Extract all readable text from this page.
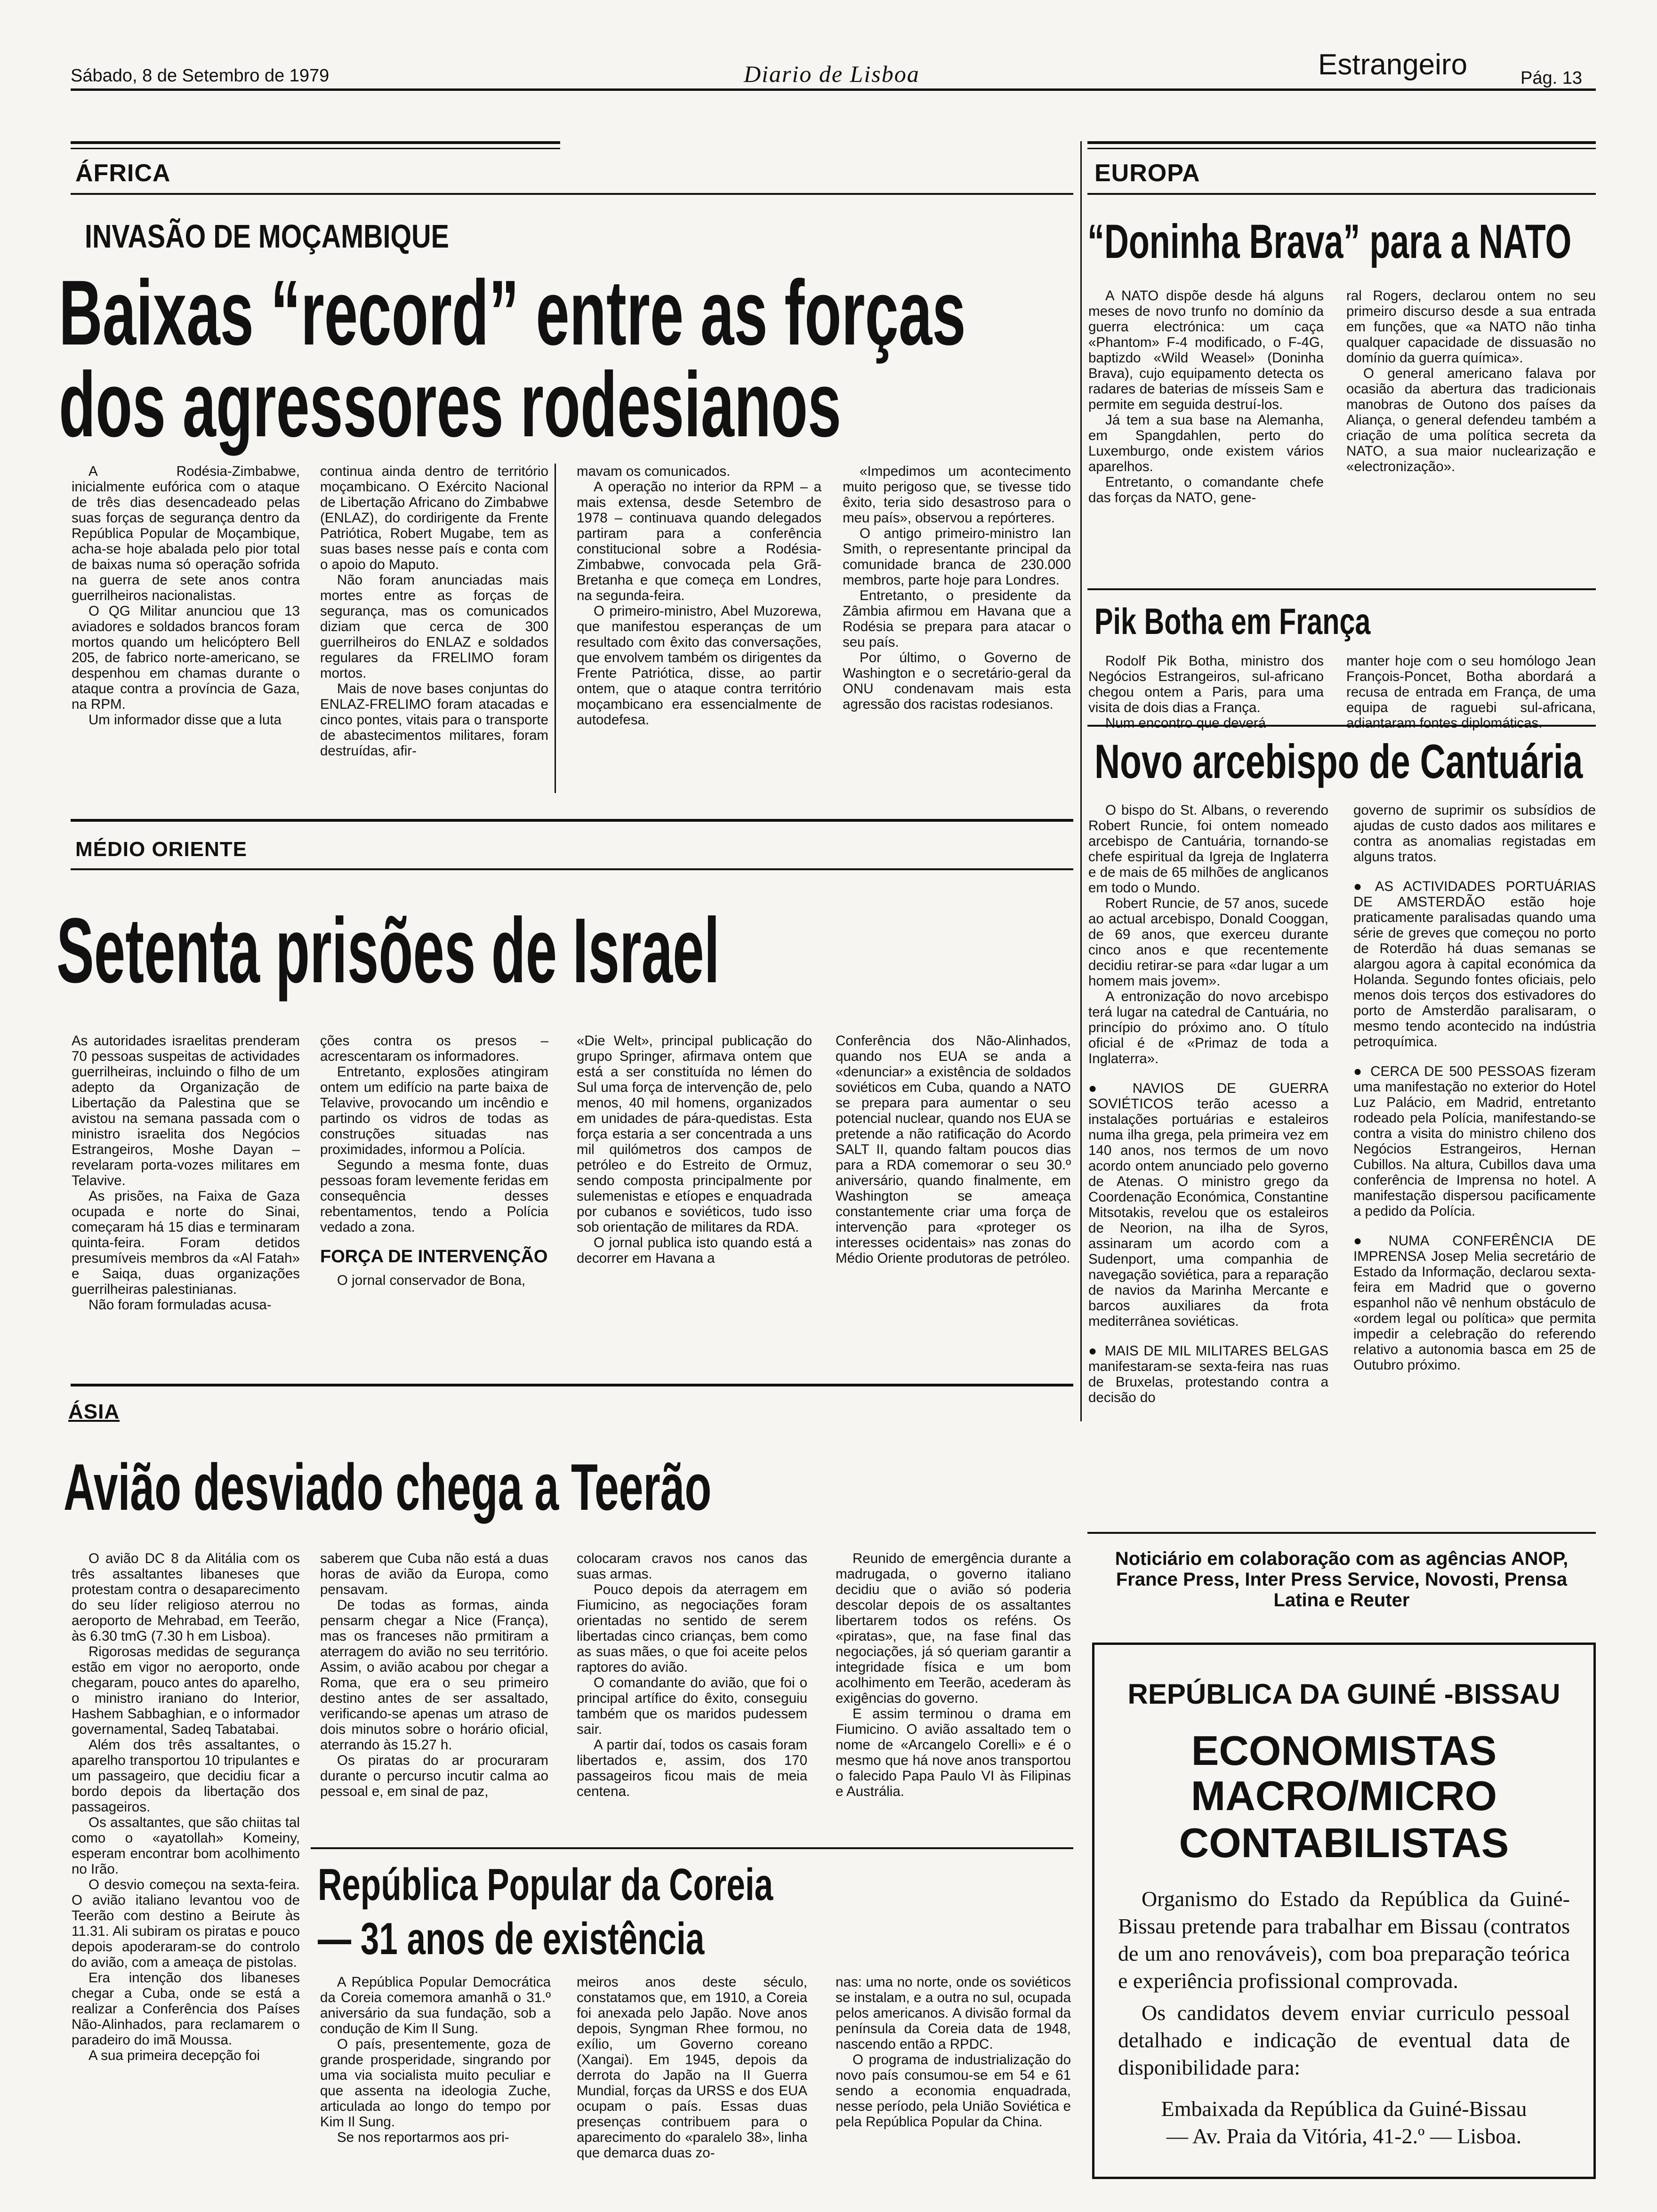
Sábado, 8 de Setembro de 1979	Diario de Lisboa	Estrangeiro	Pág. 13
ÁFRICA
INVASÃO DE MOÇAMBIQUE
Baixas “record” entre as forças
dos agressores rodesianos

A Rodésia-Zimbabwe, inicialmente eufórica com o ataque de três dias desencadeado pelas suas forças de segurança dentro da República Popular de Moçambique, acha-se hoje abalada pelo pior total de baixas numa só operação sofrida na guerra de sete anos contra guerrilheiros nacionalistas.

O QG Militar anunciou que 13 aviadores e soldados brancos foram mortos quando um helicóptero Bell 205, de fabrico norte-americano, se despenhou em chamas durante o ataque contra a província de Gaza, na RPM.

Um informador disse que a luta

continua ainda dentro de território moçambicano. O Exército Nacional de Libertação Africano do Zimbabwe (ENLAZ), do cordirigente da Frente Patriótica, Robert Mugabe, tem as suas bases nesse país e conta com o apoio do Maputo.

Não foram anunciadas mais mortes entre as forças de segurança, mas os comunicados diziam que cerca de 300 guerrilheiros do ENLAZ e soldados regulares da FRELIMO foram mortos.

Mais de nove bases conjuntas do ENLAZ-FRELIMO foram atacadas e cinco pontes, vitais para o transporte de abastecimentos militares, foram destruídas, afir-

mavam os comunicados.

A operação no interior da RPM – a mais extensa, desde Setembro de 1978 – continuava quando delegados partiram para a conferência constitucional sobre a Rodésia-Zimbabwe, convocada pela Grã-Bretanha e que começa em Londres, na segunda-feira.

O primeiro-ministro, Abel Muzorewa, que manifestou esperanças de um resultado com êxito das conversações, que envolvem também os dirigentes da Frente Patriótica, disse, ao partir ontem, que o ataque contra território moçambicano era essencialmente de autodefesa.

«Impedimos um acontecimento muito perigoso que, se tivesse tido êxito, teria sido desastroso para o meu país», observou a repórteres.

O antigo primeiro-ministro Ian Smith, o representante principal da comunidade branca de 230.000 membros, parte hoje para Londres.

Entretanto, o presidente da Zâmbia afirmou em Havana que a Rodésia se prepara para atacar o seu país.

Por último, o Governo de Washington e o secretário-geral da ONU condenavam mais esta agressão dos racistas rodesianos.

EUROPA
“Doninha Brava” para a NATO

A NATO dispõe desde há alguns meses de novo trunfo no domínio da guerra electrónica: um caça «Phantom» F-4 modificado, o F-4G, baptizdo «Wild Weasel» (Doninha Brava), cujo equipamento detecta os radares de baterias de mísseis Sam e permite em seguida destruí-los.

Já tem a sua base na Alemanha, em Spangdahlen, perto do Luxemburgo, onde existem vários aparelhos.

Entretanto, o comandante chefe das forças da NATO, gene-

ral Rogers, declarou ontem no seu primeiro discurso desde a sua entrada em funções, que «a NATO não tinha qualquer capacidade de dissuasão no domínio da guerra química».

O general americano falava por ocasião da abertura das tradicionais manobras de Outono dos países da Aliança, o general defendeu também a criação de uma política secreta da NATO, a sua maior nuclearização e «electronização».

Pik Botha em França

Rodolf Pik Botha, ministro dos Negócios Estrangeiros, sul-africano chegou ontem a Paris, para uma visita de dois dias a França.

Num encontro que deverá

manter hoje com o seu homólogo Jean François-Poncet, Botha abordará a recusa de entrada em França, de uma equipa de raguebi sul-africana, adiantaram fontes diplomáticas.

Novo arcebispo de Cantuária

O bispo do St. Albans, o reverendo Robert Runcie, foi ontem nomeado arcebispo de Cantuária, tornando-se chefe espiritual da Igreja de Inglaterra e de mais de 65 milhões de anglicanos em todo o Mundo.

Robert Runcie, de 57 anos, sucede ao actual arcebispo, Donald Cooggan, de 69 anos, que exerceu durante cinco anos e que recentemente decidiu retirar-se para «dar lugar a um homem mais jovem».

A entronização do novo arcebispo terá lugar na catedral de Cantuária, no princípio do próximo ano. O título oficial é de «Primaz de toda a Inglaterra».

● NAVIOS DE GUERRA SOVIÉTICOS terão acesso a instalações portuárias e estaleiros numa ilha grega, pela primeira vez em 140 anos, nos termos de um novo acordo ontem anunciado pelo governo de Atenas. O ministro grego da Coordenação Económica, Constantine Mitsotakis, revelou que os estaleiros de Neorion, na ilha de Syros, assinaram um acordo com a Sudenport, uma companhia de navegação soviética, para a reparação de navios da Marinha Mercante e barcos auxiliares da frota mediterrânea soviéticas.

● MAIS DE MIL MILITARES BELGAS manifestaram-se sexta-feira nas ruas de Bruxelas, protestando contra a decisão do

governo de suprimir os subsídios de ajudas de custo dados aos militares e contra as anomalias registadas em alguns tratos.

● AS ACTIVIDADES PORTUÁRIAS DE AMSTERDÃO estão hoje praticamente paralisadas quando uma série de greves que começou no porto de Roterdão há duas semanas se alargou agora à capital económica da Holanda. Segundo fontes oficiais, pelo menos dois terços dos estivadores do porto de Amsterdão paralisaram, o mesmo tendo acontecido na indústria petroquímica.

● CERCA DE 500 PESSOAS fizeram uma manifestação no exterior do Hotel Luz Palácio, em Madrid, entretanto rodeado pela Polícia, manifestando-se contra a visita do ministro chileno dos Negócios Estrangeiros, Hernan Cubillos. Na altura, Cubillos dava uma conferência de Imprensa no hotel. A manifestação dispersou pacificamente a pedido da Polícia.

● NUMA CONFERÊNCIA DE IMPRENSA Josep Melia secretário de Estado da Informação, declarou sexta-feira em Madrid que o governo espanhol não vê nenhum obstáculo de «ordem legal ou política» que permita impedir a celebração do referendo relativo a autonomia basca em 25 de Outubro próximo.

Noticiário em colaboração com as agências ANOP, France Press, Inter Press Service, Novosti, Prensa Latina e Reuter
REPÚBLICA DA GUINÉ -BISSAU
ECONOMISTAS
MACRO/MICRO
CONTABILISTAS
Organismo do Estado da República da Guiné-Bissau pretende para trabalhar em Bissau (contratos de um ano renováveis), com boa preparação teórica e experiência profissional comprovada.
Os candidatos devem enviar curriculo pessoal detalhado e indicação de eventual data de disponibilidade para:
Embaixada da República da Guiné-Bissau
— Av. Praia da Vitória, 41-2.º — Lisboa.
MÉDIO ORIENTE
Setenta prisões de Israel

As autoridades israelitas prenderam 70 pessoas suspeitas de actividades guerrilheiras, incluindo o filho de um adepto da Organização de Libertação da Palestina que se avistou na semana passada com o ministro israelita dos Negócios Estrangeiros, Moshe Dayan – revelaram porta-vozes militares em Telavive.

As prisões, na Faixa de Gaza ocupada e norte do Sinai, começaram há 15 dias e terminaram quinta-feira. Foram detidos presumíveis membros da «Al Fatah» e Saiqa, duas organizações guerrilheiras palestinianas.

Não foram formuladas acusa-

ções contra os presos – acrescentaram os informadores.

Entretanto, explosões atingiram ontem um edifício na parte baixa de Telavive, provocando um incêndio e partindo os vidros de todas as construções situadas nas proximidades, informou a Polícia.

Segundo a mesma fonte, duas pessoas foram levemente feridas em consequência desses rebentamentos, tendo a Polícia vedado a zona.

FORÇA DE INTERVENÇÃO

O jornal conservador de Bona,

«Die Welt», principal publicação do grupo Springer, afirmava ontem que está a ser constituída no lémen do Sul uma força de intervenção de, pelo menos, 40 mil homens, organizados em unidades de pára-quedistas. Esta força estaria a ser concentrada a uns mil quilómetros dos campos de petróleo e do Estreito de Ormuz, sendo composta principalmente por sulemenistas e etíopes e enquadrada por cubanos e soviéticos, tudo isso sob orientação de militares da RDA.

O jornal publica isto quando está a decorrer em Havana a

Conferência dos Não-Alinhados, quando nos EUA se anda a «denunciar» a existência de soldados soviéticos em Cuba, quando a NATO se prepara para aumentar o seu potencial nuclear, quando nos EUA se pretende a não ratificação do Acordo SALT II, quando faltam poucos dias para a RDA comemorar o seu 30.º aniversário, quando finalmente, em Washington se ameaça constantemente criar uma força de intervenção para «proteger os interesses ocidentais» nas zonas do Médio Oriente produtoras de petróleo.

ÁSIA
Avião desviado chega a Teerão

O avião DC 8 da Alitália com os três assaltantes libaneses que protestam contra o desaparecimento do seu líder religioso aterrou no aeroporto de Mehrabad, em Teerão, às 6.30 tmG (7.30 h em Lisboa).

Rigorosas medidas de segurança estão em vigor no aeroporto, onde chegaram, pouco antes do aparelho, o ministro iraniano do Interior, Hashem Sabbaghian, e o informador governamental, Sadeq Tabatabai.

Além dos três assaltantes, o aparelho transportou 10 tripulantes e um passageiro, que decidiu ficar a bordo depois da libertação dos passageiros.

Os assaltantes, que são chiitas tal como o «ayatollah» Komeiny, esperam encontrar bom acolhimento no Irão.

O desvio começou na sexta-feira. O avião italiano levantou voo de Teerão com destino a Beirute às 11.31. Ali subiram os piratas e pouco depois apoderaram-se do controlo do avião, com a ameaça de pistolas.

Era intenção dos libaneses chegar a Cuba, onde se está a realizar a Conferência dos Países Não-Alinhados, para reclamarem o paradeiro do imã Moussa.

A sua primeira decepção foi

saberem que Cuba não está a duas horas de avião da Europa, como pensavam.

De todas as formas, ainda pensarm chegar a Nice (França), mas os franceses não prmitiram a aterragem do avião no seu território. Assim, o avião acabou por chegar a Roma, que era o seu primeiro destino antes de ser assaltado, verificando-se apenas um atraso de dois minutos sobre o horário oficial, aterrando às 15.27 h.

Os piratas do ar procuraram durante o percurso incutir calma ao pessoal e, em sinal de paz,

colocaram cravos nos canos das suas armas.

Pouco depois da aterragem em Fiumicino, as negociações foram orientadas no sentido de serem libertadas cinco crianças, bem como as suas mães, o que foi aceite pelos raptores do avião.

O comandante do avião, que foi o principal artífice do êxito, conseguiu também que os maridos pudessem sair.

A partir daí, todos os casais foram libertados e, assim, dos 170 passageiros ficou mais de meia centena.

Reunido de emergência durante a madrugada, o governo italiano decidiu que o avião só poderia descolar depois de os assaltantes libertarem todos os reféns. Os «piratas», que, na fase final das negociações, já só queriam garantir a integridade física e um bom acolhimento em Teerão, acederam às exigências do governo.

E assim terminou o drama em Fiumicino. O avião assaltado tem o nome de «Arcangelo Corelli» e é o mesmo que há nove anos transportou o falecido Papa Paulo VI às Filipinas e Austrália.

República Popular da Coreia
— 31 anos de existência

A República Popular Democrática da Coreia comemora amanhã o 31.º aniversário da sua fundação, sob a condução de Kim Il Sung.

O país, presentemente, goza de grande prosperidade, singrando por uma via socialista muito peculiar e que assenta na ideologia Zuche, articulada ao longo do tempo por Kim Il Sung.

Se nos reportarmos aos pri-

meiros anos deste século, constatamos que, em 1910, a Coreia foi anexada pelo Japão. Nove anos depois, Syngman Rhee formou, no exílio, um Governo coreano (Xangai). Em 1945, depois da derrota do Japão na II Guerra Mundial, forças da URSS e dos EUA ocupam o país. Essas duas presenças contribuem para o aparecimento do «paralelo 38», linha que demarca duas zo-

nas: uma no norte, onde os soviéticos se instalam, e a outra no sul, ocupada pelos americanos. A divisão formal da península da Coreia data de 1948, nascendo então a RPDC.

O programa de industrialização do novo país consumou-se em 54 e 61 sendo a economia enquadrada, nesse período, pela União Soviética e pela República Popular da China.
